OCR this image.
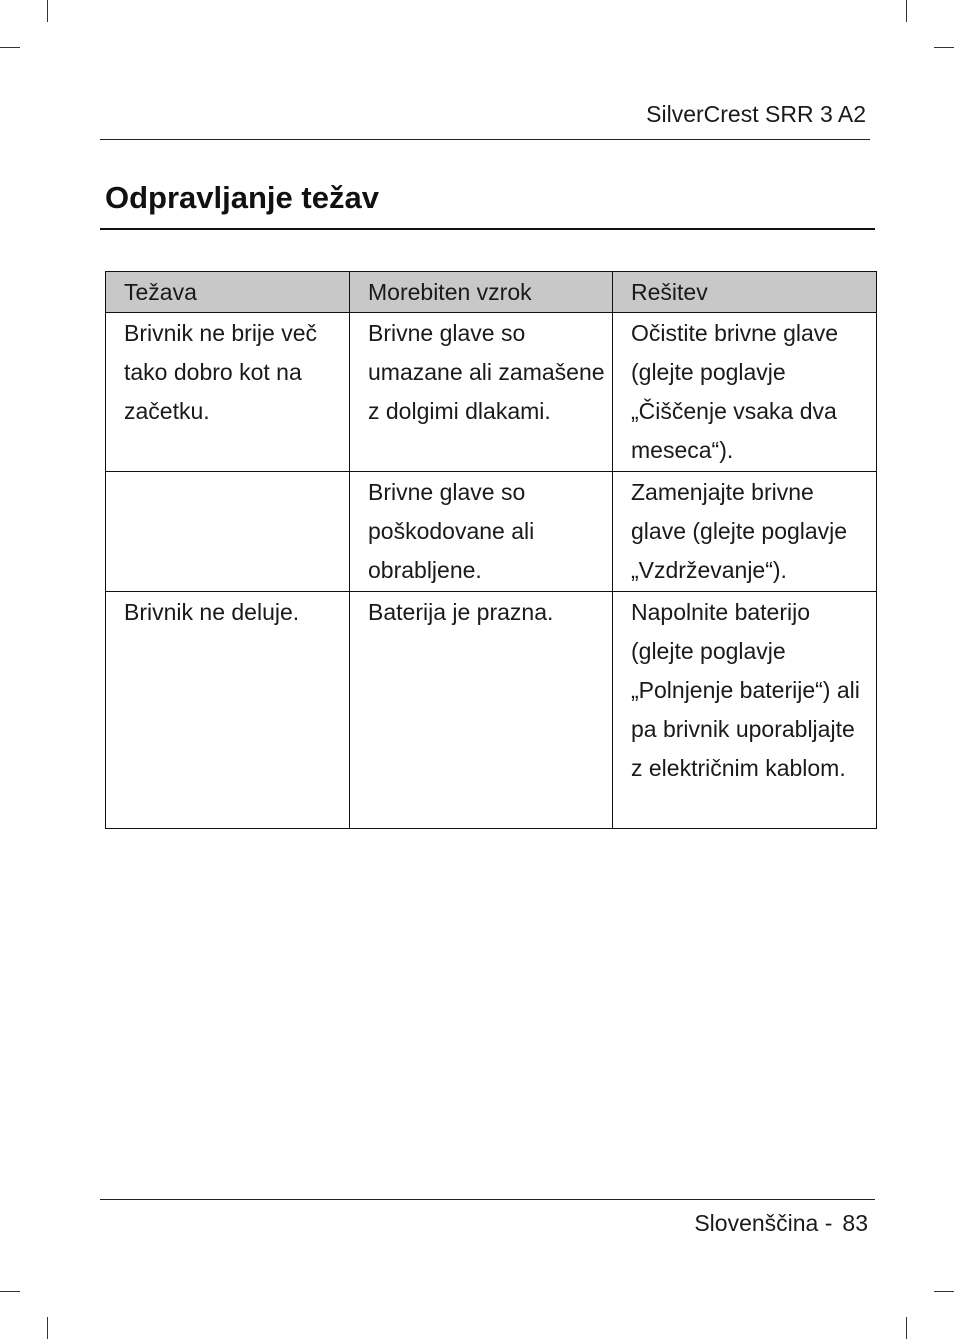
SilverCrest SRR 3 A2
Odpravljanje težav
Težava	Morebiten vzrok	Rešitev
Brivnik ne brije več tako dobro kot na začetku.	Brivne glave so umazane ali zamašene z dolgimi dlakami.	Očistite brivne glave (glejte poglavje „Čiščenje vsaka dva meseca“).
	Brivne glave so poškodovane ali obrabljene.	Zamenjajte brivne glave (glejte poglavje „Vzdrževanje“).
Brivnik ne deluje.	Baterija je prazna.	Napolnite baterijo (glejte poglavje „Polnjenje baterije“) ali pa brivnik uporabljajte z električnim kablom.
Slovenščina - 83
